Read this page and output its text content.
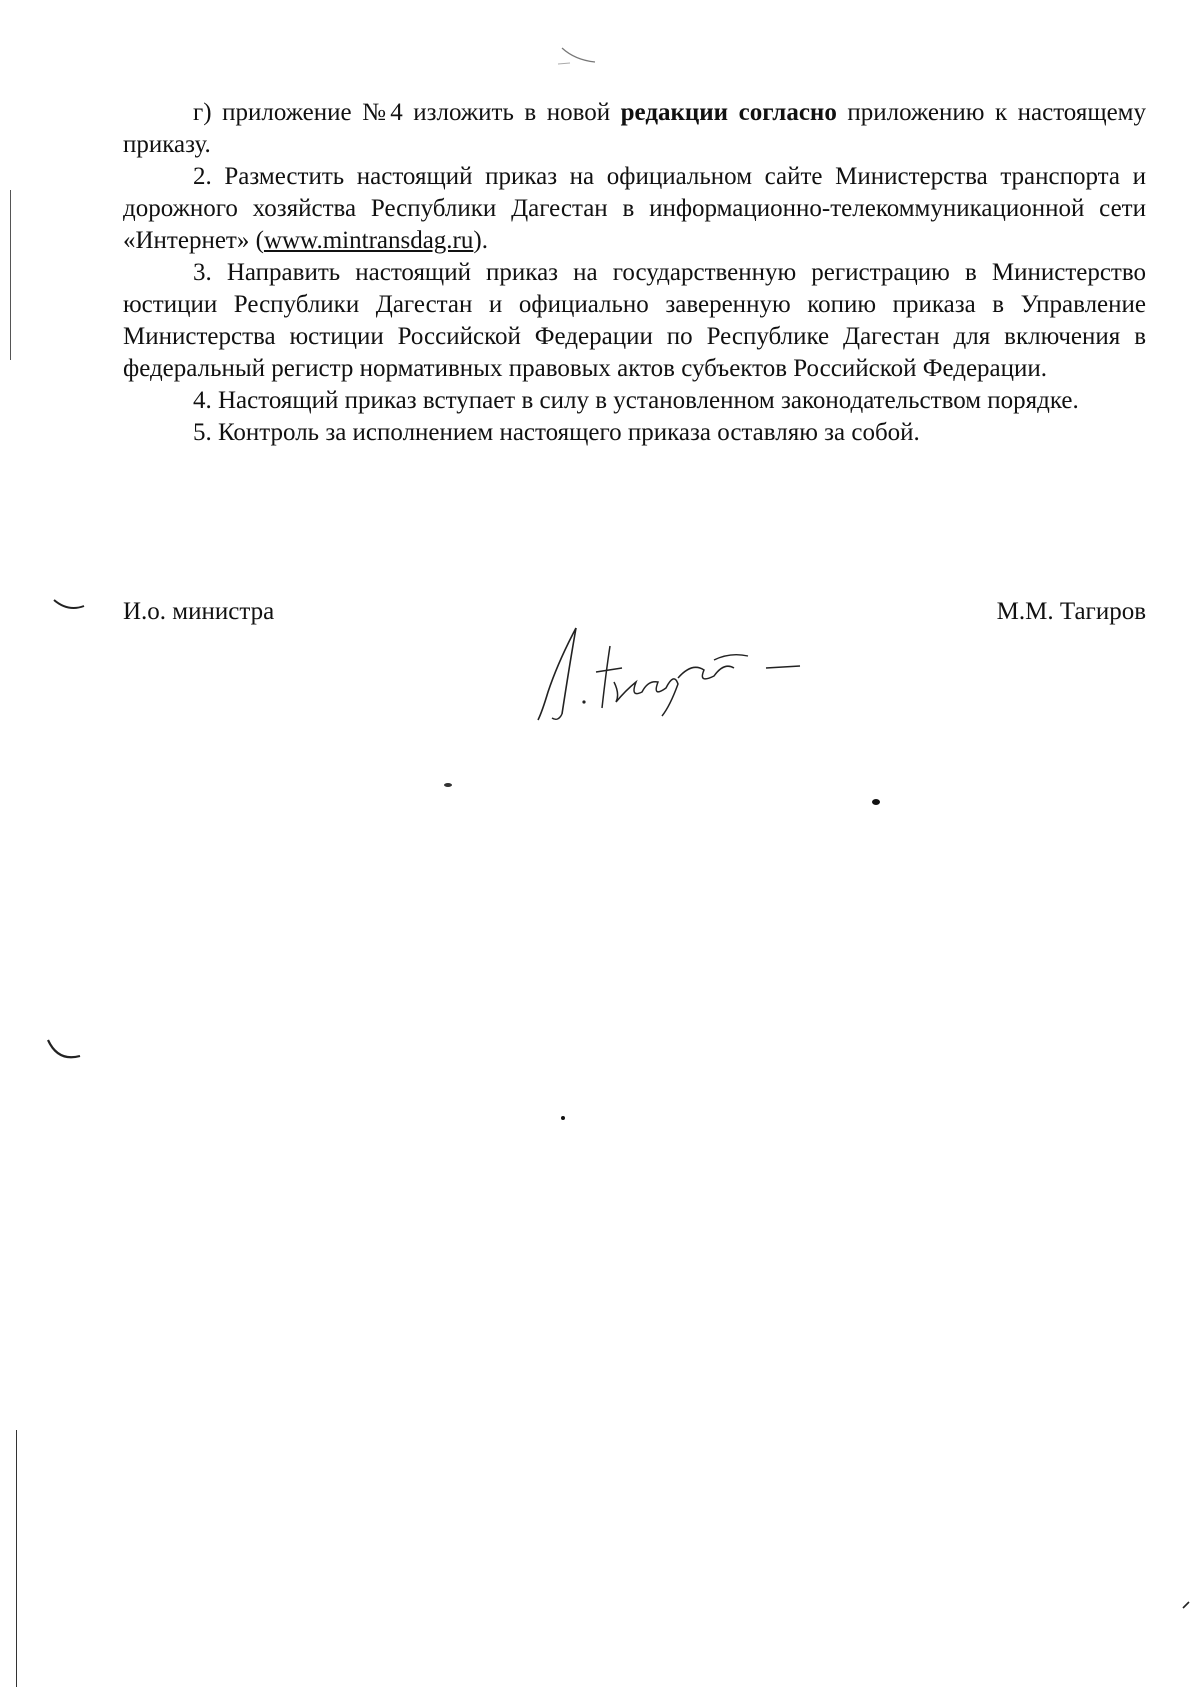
г) приложение №4 изложить в новой редакции согласно приложению к настоящему приказу.

2. Разместить настоящий приказ на официальном сайте Министерства транспорта и дорожного хозяйства Республики Дагестан в информационно-телекоммуникационной сети «Интернет» (www.mintransdag.ru).

3. Направить настоящий приказ на государственную регистрацию в Министерство юстиции Республики Дагестан и официально заверенную копию приказа в Управление Министерства юстиции Российской Федерации по Республике Дагестан для включения в федеральный регистр нормативных правовых актов субъектов Российской Федерации.

4. Настоящий приказ вступает в силу в установленном законодательством порядке.

5. Контроль за исполнением настоящего приказа оставляю за собой.

И.о. министра	М.М. Тагиров
